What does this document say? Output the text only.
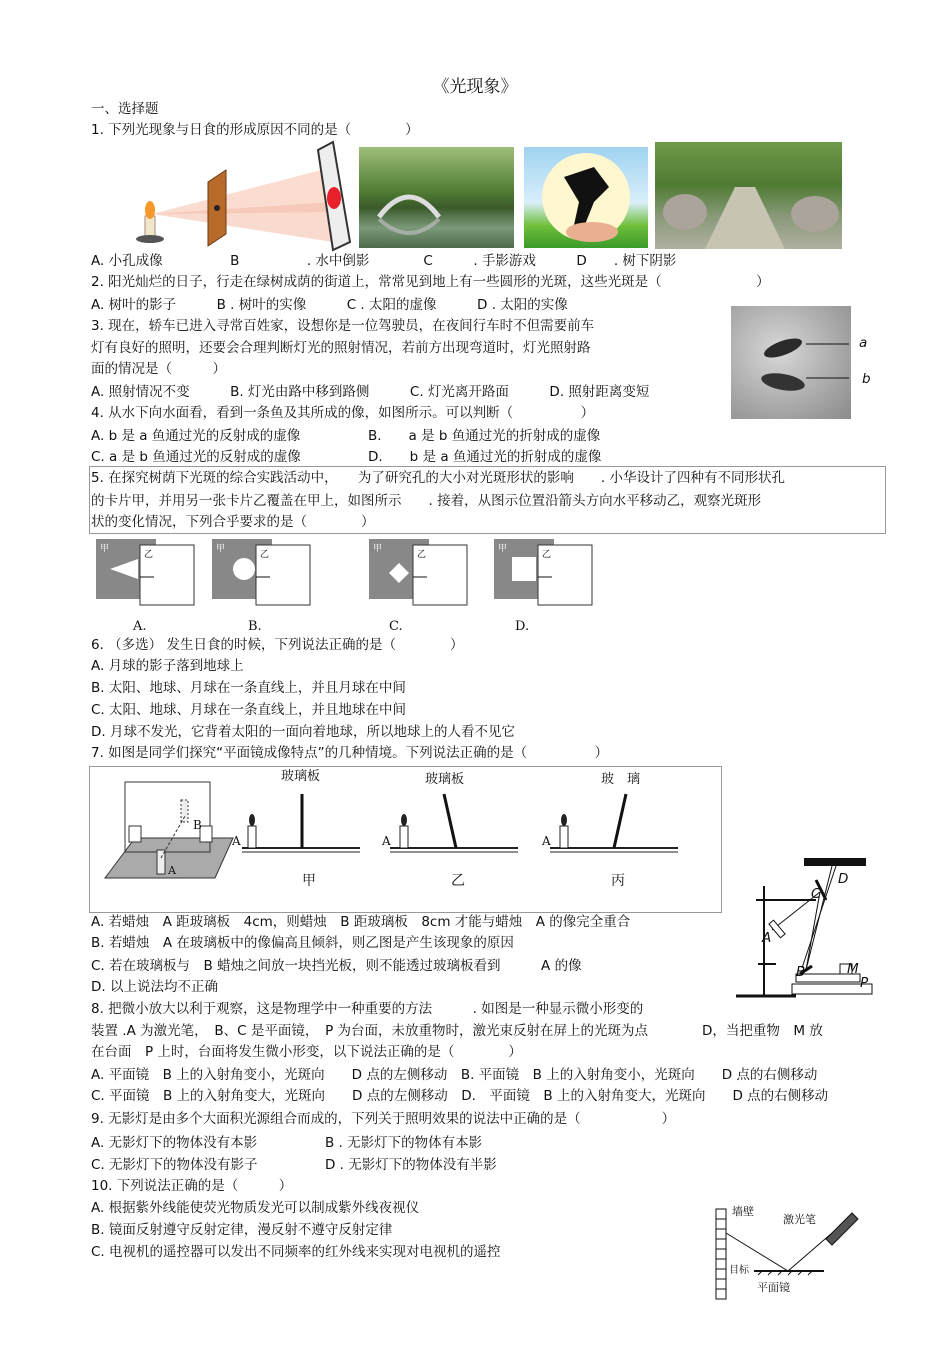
《光现象》
一、选择题
1. 下列光现象与日食的形成原因不同的是（　　　　）
A. 小孔成像　　　　　B　　　　　. 水中倒影　　　　C　　　. 手影游戏　　　D　　. 树下阴影
2. 阳光灿烂的日子，行走在绿树成荫的街道上，常常见到地上有一些圆形的光斑，这些光斑是（　　　　　　　）
A. 树叶的影子　　　B . 树叶的实像　　　C . 太阳的虚像　　　D . 太阳的实像
3. 现在，轿车已进入寻常百姓家，设想你是一位驾驶员，在夜间行车时不但需要前车
灯有良好的照明，还要会合理判断灯光的照射情况，若前方出现弯道时，灯光照射路
面的情况是（　　　）
A. 照射情况不变　　　B. 灯光由路中移到路侧　　　C. 灯光离开路面　　　D. 照射距离变短
a
b
4. 从水下向水面看，看到一条鱼及其所成的像，如图所示。可以判断（　　　　　）
A. b 是 a 鱼通过光的反射成的虚像	B.　　a 是 b 鱼通过光的折射成的虚像
C. a 是 b 鱼通过光的反射成的虚像	D.　　b 是 a 鱼通过光的折射成的虚像
5. 在探究树荫下光斑的综合实践活动中，　　为了研究孔的大小对光斑形状的影响　　. 小华设计了四种有不同形状孔
的卡片甲，并用另一张卡片乙覆盖在甲上，如图所示　　. 接着，从图示位置沿箭头方向水平移动乙，观察光斑形
状的变化情况，下列合乎要求的是（　　　　）
甲
乙
甲
乙
甲
乙
甲
乙
A.	B.	C.	D.
6. （多选） 发生日食的时候，下列说法正确的是（　　　　）
A. 月球的影子落到地球上
B. 太阳、地球、月球在一条直线上，并且月球在中间
C. 太阳、地球、月球在一条直线上，并且地球在中间
D. 月球不发光，它背着太阳的一面向着地球，所以地球上的人看不见它
7. 如图是同学们探究“平面镜成像特点”的几种情境。下列说法正确的是（　　　　　）
B
A
A
玻璃板
甲
A
玻璃板
乙
A
玻　璃
丙
A. 若蜡烛　A 距玻璃板　4cm，则蜡烛　B 距玻璃板　8cm 才能与蜡烛　A 的像完全重合
B. 若蜡烛　A 在玻璃板中的像偏高且倾斜，则乙图是产生该现象的原因
C. 若在玻璃板与　B 蜡烛之间放一块挡光板，则不能透过玻璃板看到　　　A 的像
D. 以上说法均不正确
D
C
A
B	M
P
8. 把微小放大以利于观察，这是物理学中一种重要的方法　　　. 如图是一种显示微小形变的
装置 .A 为激光笔，　B、C 是平面镜，　P 为台面，未放重物时，激光束反射在屏上的光斑为点　　　　D，当把重物　M 放
在台面　P 上时，台面将发生微小形变，以下说法正确的是（　　　　）
A. 平面镜　B 上的入射角变小，光斑向　　D 点的左侧移动　B. 平面镜　B 上的入射角变小，光斑向　　D 点的右侧移动
C. 平面镜　B 上的入射角变大，光斑向　　D 点的左侧移动　D.　平面镜　B 上的入射角变大，光斑向　　D 点的右侧移动
9. 无影灯是由多个大面积光源组合而成的，下列关于照明效果的说法中正确的是（　　　　　　）
A. 无影灯下的物体没有本影	B . 无影灯下的物体有本影
C. 无影灯下的物体没有影子	D . 无影灯下的物体没有半影
10. 下列说法正确的是（　　　）
A. 根据紫外线能使荧光物质发光可以制成紫外线夜视仪
B. 镜面反射遵守反射定律，漫反射不遵守反射定律
C. 电视机的遥控器可以发出不同频率的红外线来实现对电视机的遥控
墙壁
激光笔
目标
平面镜
